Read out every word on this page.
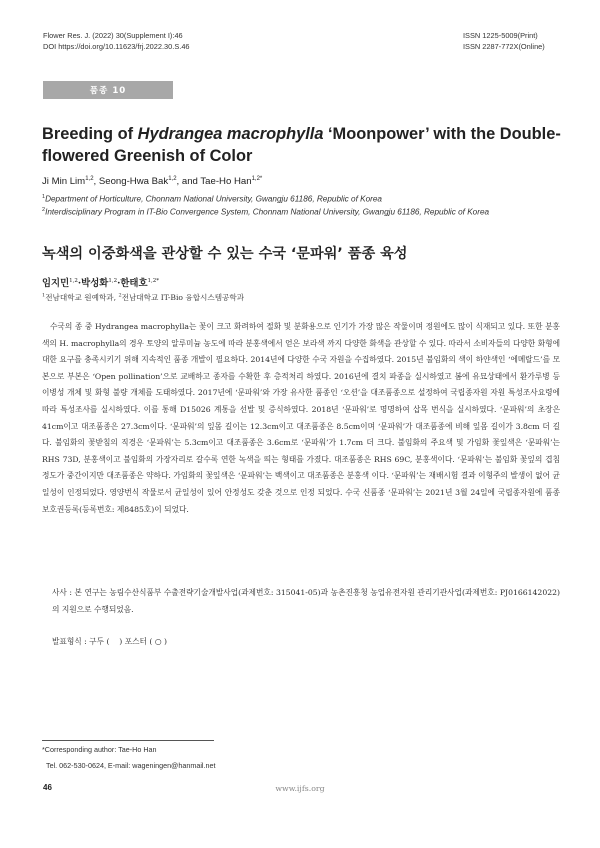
Flower Res. J. (2022) 30(Supplement I):46
DOI https://doi.org/10.11623/frj.2022.30.S.46
ISSN 1225-5009(Print)
ISSN 2287-772X(Online)
품종 10
Breeding of Hydrangea macrophylla ‘Moonpower’ with the Double-flowered Greenish of Color
Ji Min Lim$^{1,2}$, Seong-Hwa Bak$^{1,2}$, and Tae-Ho Han$^{1,2*}$
$^1$Department of Horticulture, Chonnam National University, Gwangju 61186, Republic of Korea
$^2$Interdisciplinary Program in IT-Bio Convergence System, Chonnam National University, Gwangju 61186, Republic of Korea
녹색의 이중화색을 관상할 수 있는 수국 ‘문파워’ 품종 육성
임지민$^{1,2}$·박성화$^{1,2}$·한태호$^{1,2*}$
$^1$전남대학교 원예학과, $^2$전남대학교 IT-Bio 융합시스템공학과

수국의 종 중 Hydrangea macrophylla는 꽃이 크고 화려하여 절화 및 분화용으로 인기가 가장 많은 작물이며 정원에도 많이 식재되고 있다. 또한 분홍색의 H. macrophylla의 경우 토양의 알루미늄 농도에 따라 분홍색에서 얻은 보라색 까지 다양한 화색을 관상할 수 있다. 따라서 소비자들의 다양한 화형에 대한 요구를 충족시키기 위해 지속적인 품종 개발이 필요하다. 2014년에 다양한 수국 자원을 수집하였다. 2015년 불임화의 색이 하얀색인 ‘에메랄드’를 모본으로 부본은 ‘Open pollination’으로 교배하고 종자를 수확한 후 층적처리 하였다. 2016년에 결치 파종을 실시하였고 봄에 유묘상태에서 환가루병 등 이병성 개체 및 화형 불량 개체를 도태하였다. 2017년에 ‘문파워’와 가장 유사한 품종인 ‘오션’을 대조품종으로 설정하여 국립종자원 자원 특성조사요령에 따라 특성조사를 실시하였다. 이를 통해 D15026 계통을 선발 및 증식하였다. 2018년 ‘문파워’로 명명하여 삽목 번식을 실시하였다. ‘문파워’의 초장은 41cm이고 대조품종은 27.3cm이다. ‘문파워’의 잎몸 길이는 12.3cm이고 대조품종은 8.5cm이며 ‘문파워’가 대조품종에 비해 잎몸 길이가 3.8cm 더 길다. 불임화의 꽃받침의 직경은 ‘문파워’는 5.3cm이고 대조품종은 3.6cm로 ‘문파워’가 1.7cm 더 크다. 불임화의 주요색 및 가임화 꽃잎색은 ‘문파워’는 RHS 73D, 분홍색이고 불임화의 가장자리로 갈수록 연한 녹색을 띄는 형태를 가졌다. 대조품종은 RHS 69C, 분홍색이다. ‘문파워’는 불임화 꽃잎의 겹침 정도가 중간이지만 대조품종은 약하다. 가임화의 꽃잎색은 ‘문파워’는 백색이고 대조품종은 분홍색 이다. ‘문파워’는 재배시험 결과 이형주의 발생이 없어 균일성이 인정되었다. 영양번식 작물로서 균일성이 있어 안정성도 갖춘 것으로 인정 되었다. 수국 신품종 ‘문파워’는 2021년 3월 24일에 국립종자원에 품종보호권등록(등록번호: 제8485호)이 되었다.

사사 : 본 연구는 농림수산식품부 수출전략기술개발사업(과제번호: 315041-05)과 농촌진흥청 농업유전자원 관리기관사업(과제번호: PJ0166142022)의 지원으로 수행되었음.

발표형식 : 구두 (    ) 포스터 ( ○ )
*Corresponding author: Tae-Ho Han
Tel. 062-530-0624, E-mail: wageningen@hanmail.net
46	www.ijfs.org
